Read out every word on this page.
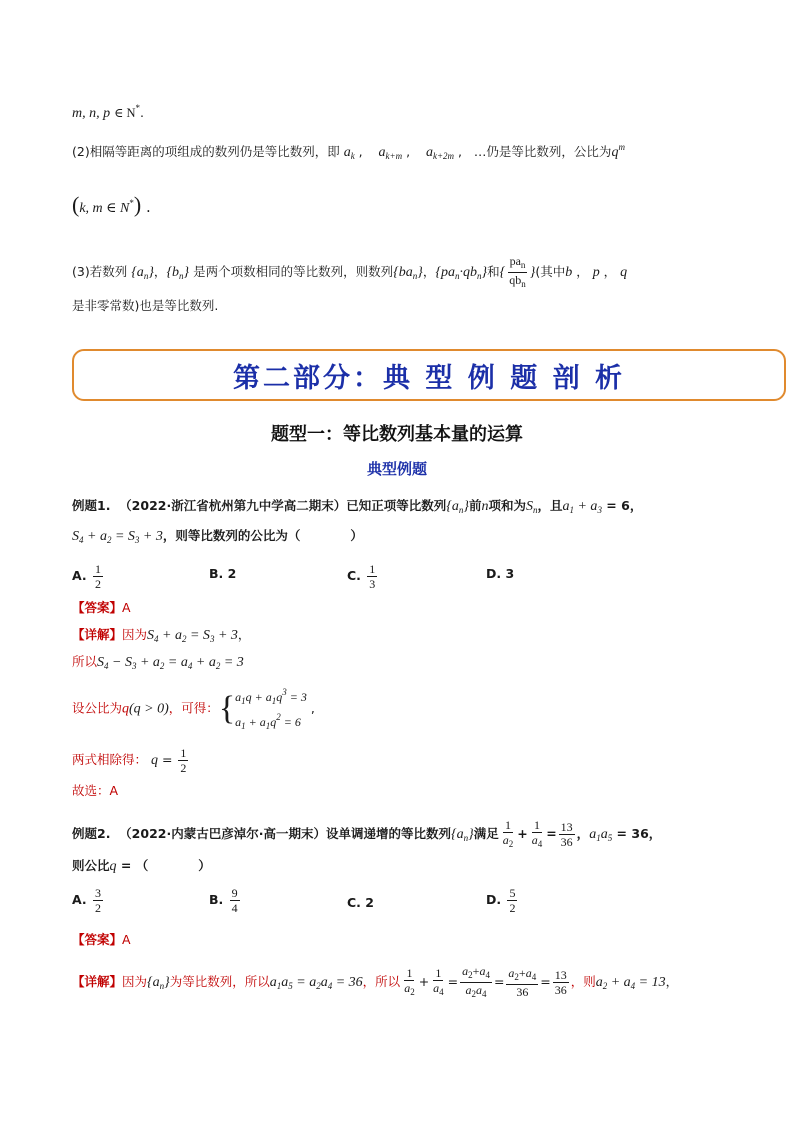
m, n, p ∈ N*.
(2)相隔等距离的项组成的数列仍是等比数列，即 $a_k$ ,    $a_{k+m}$ ,    $a_{k+2m}$ ,   …仍是等比数列，公比为$q^m$
(k, m ∈ N*) .
(3)若数列 $\{a_n\}$，$\{b_n\}$ 是两个项数相同的等比数列，则数列$\{ba_n\}$，$\{pa_n\cdot qb_n\}$和{ $\frac{pa_n}{qb_n}$ }(其中b ， p ， q
是非零常数)也是等比数列.
第二部分：典 型 例 题 剖 析
题型一：等比数列基本量的运算
典型例题
例题1. （2022·浙江省杭州第九中学高二期末）已知正项等比数列$\{a_n\}$前n项和为$S_n$，且$a_1 + a_3 = 6$，
$S_4 + a_2 = S_3 + 3$，则等比数列的公比为（　　　　）
A. $\frac{1}{2}$	B. 2	C. $\frac{1}{3}$	D. 3
【答案】A
【详解】因为$S_4 + a_2 = S_3 + 3$，
所以$S_4 - S_3 + a_2 = a_4 + a_2 = 3$
设公比为q(q > 0)，可得：{$a_1q + a_1q^3 = 3$
$a_1 + a_1q^2 = 6$ ,
两式相除得： $q = \frac{1}{2}$
故选：A
例题2. （2022·内蒙古巴彦淖尔·高一期末）设单调递增的等比数列$\{a_n\}$满足 $\frac{1}{a_2} + \frac{1}{a_4} = \frac{13}{36}$ ，$a_1a_5 = 36$，
则公比q = （　　　　）
A. $\frac{3}{2}$	B. $\frac{9}{4}$	C. 2	D. $\frac{5}{2}$
【答案】A
【详解】因为$\{a_n\}$为等比数列，所以$a_1a_5 = a_2a_4 = 36$，所以 $\frac{1}{a_2} + \frac{1}{a_4} = \frac{a_2+a_4}{a_2a_4} = \frac{a_2+a_4}{36} = \frac{13}{36}$ ，则$a_2 + a_4 = 13$，
